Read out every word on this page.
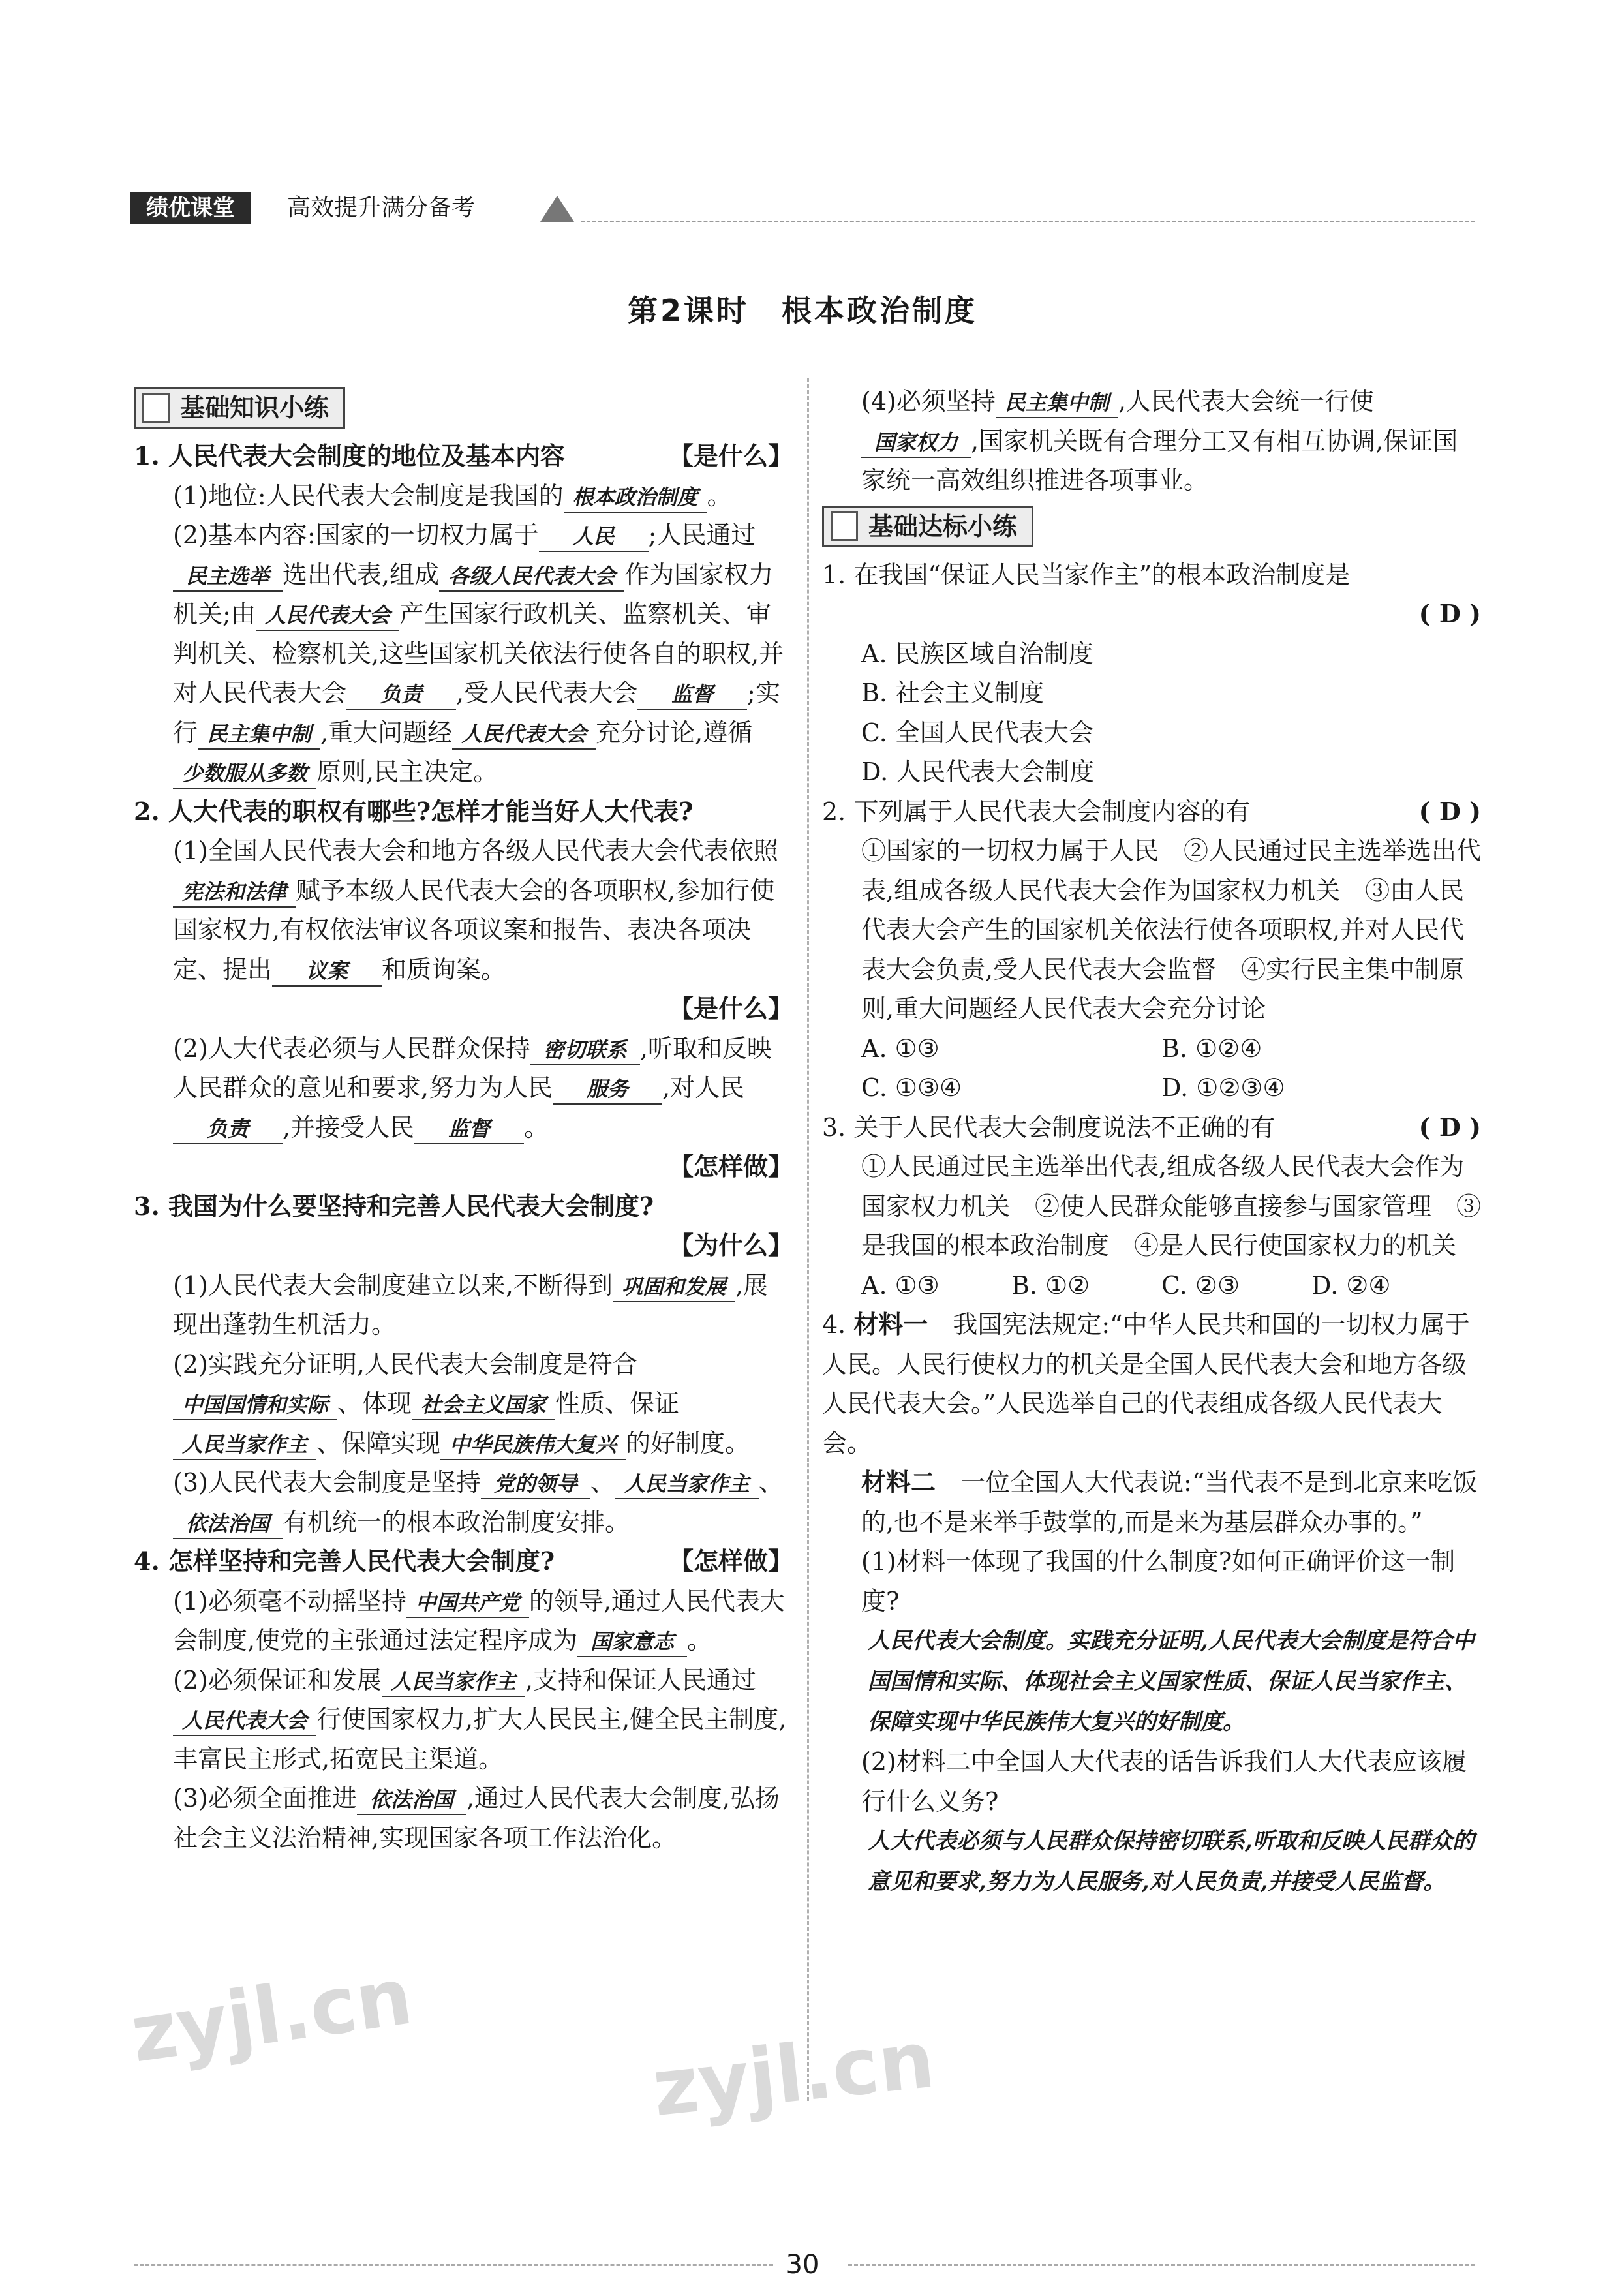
绩优课堂	高效提升满分备考
第2课时　根本政治制度
基础知识小练

1. 人民代表大会制度的地位及基本内容	【是什么】

(1)地位:人民代表大会制度是我国的 根本政治制度 。

(2)基本内容:国家的一切权力属于 人民 ;人民通过民主选举 选出代表,组成 各级人民代表大会 作为国家权力机关;由 人民代表大会 产生国家行政机关、监察机关、审判机关、检察机关,这些国家机关依法行使各自的职权,并对人民代表大会 负责 ,受人民代表大会 监督 ;实行 民主集中制 ,重大问题经 人民代表大会 充分讨论,遵循少数服从多数 原则,民主决定。

2. 人大代表的职权有哪些?怎样才能当好人大代表?

(1)全国人民代表大会和地方各级人民代表大会代表依照宪法和法律 赋予本级人民代表大会的各项职权,参加行使国家权力,有权依法审议各项议案和报告、表决各项决定、提出 议案 和质询案。

【是什么】

(2)人大代表必须与人民群众保持 密切联系 ,听取和反映人民群众的意见和要求,努力为人民 服务 ,对人民负责 ,并接受人民 监督 。

【怎样做】

3. 我国为什么要坚持和完善人民代表大会制度?

【为什么】

(1)人民代表大会制度建立以来,不断得到 巩固和发展 ,展现出蓬勃生机活力。

(2)实践充分证明,人民代表大会制度是符合中国国情和实际 、体现 社会主义国家 性质、保证人民当家作主 、保障实现 中华民族伟大复兴 的好制度。

(3)人民代表大会制度是坚持 党的领导 、 人民当家作主 、依法治国 有机统一的根本政治制度安排。

4. 怎样坚持和完善人民代表大会制度?	【怎样做】

(1)必须毫不动摇坚持 中国共产党 的领导,通过人民代表大会制度,使党的主张通过法定程序成为 国家意志 。

(2)必须保证和发展 人民当家作主 ,支持和保证人民通过人民代表大会 行使国家权力,扩大人民民主,健全民主制度,丰富民主形式,拓宽民主渠道。

(3)必须全面推进 依法治国 ,通过人民代表大会制度,弘扬社会主义法治精神,实现国家各项工作法治化。

(4)必须坚持 民主集中制 ,人民代表大会统一行使国家权力 ,国家机关既有合理分工又有相互协调,保证国家统一高效组织推进各项事业。

基础达标小练

1. 在我国“保证人民当家作主”的根本政治制度是

( D )

A. 民族区域自治制度

B. 社会主义制度

C. 全国人民代表大会

D. 人民代表大会制度

2. 下列属于人民代表大会制度内容的有	( D )

①国家的一切权力属于人民　②人民通过民主选举选出代表,组成各级人民代表大会作为国家权力机关　③由人民代表大会产生的国家机关依法行使各项职权,并对人民代表大会负责,受人民代表大会监督　④实行民主集中制原则,重大问题经人民代表大会充分讨论

A. ①③	B. ①②④
C. ①③④	D. ①②③④

3. 关于人民代表大会制度说法不正确的有	( D )

①人民通过民主选举出代表,组成各级人民代表大会作为国家权力机关　②使人民群众能够直接参与国家管理　③是我国的根本政治制度　④是人民行使国家权力的机关

A. ①③	B. ①②	C. ②③	D. ②④

4. 材料一　 我国宪法规定:“中华人民共和国的一切权力属于人民。人民行使权力的机关是全国人民代表大会和地方各级人民代表大会。”人民选举自己的代表组成各级人民代表大会。

材料二　 一位全国人大代表说:“当代表不是到北京来吃饭的,也不是来举手鼓掌的,而是来为基层群众办事的。”

(1)材料一体现了我国的什么制度?如何正确评价这一制度?

人民代表大会制度。实践充分证明,人民代表大会制度是符合中国国情和实际、体现社会主义国家性质、保证人民当家作主、保障实现中华民族伟大复兴的好制度。

(2)材料二中全国人大代表的话告诉我们人大代表应该履行什么义务?

人大代表必须与人民群众保持密切联系,听取和反映人民群众的意见和要求,努力为人民服务,对人民负责,并接受人民监督。

zyjl.cn	zyjl.cn
30
